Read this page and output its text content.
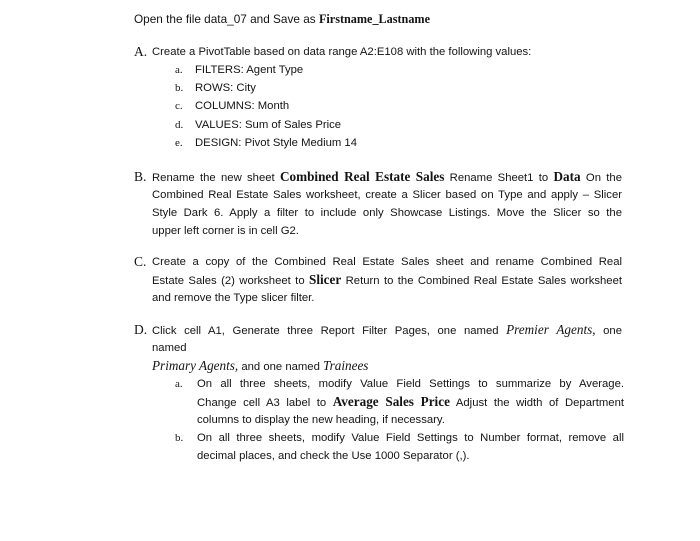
Open the file data_07 and Save as Firstname_Lastname
A. Create a PivotTable based on data range A2:E108 with the following values:
a. FILTERS: Agent Type
b. ROWS: City
c. COLUMNS: Month
d. VALUES: Sum of Sales Price
e. DESIGN: Pivot Style Medium 14
B. Rename the new sheet Combined Real Estate Sales Rename Sheet1 to Data On the
Combined Real Estate Sales worksheet, create a Slicer based on Type and apply – Slicer
Style Dark 6. Apply a filter to include only Showcase Listings. Move the Slicer so the
upper left corner is in cell G2.
C. Create a copy of the Combined Real Estate Sales sheet and rename Combined Real
Estate Sales (2) worksheet to Slicer Return to the Combined Real Estate Sales worksheet
and remove the Type slicer filter.
D. Click cell A1, Generate three Report Filter Pages, one named Premier Agents, one
named
Primary Agents, and one named Trainees
a. On all three sheets, modify Value Field Settings to summarize by Average.
Change cell A3 label to Average Sales Price Adjust the width of Department
columns to display the new heading, if necessary.
b. On all three sheets, modify Value Field Settings to Number format, remove all
decimal places, and check the Use 1000 Separator (,).
